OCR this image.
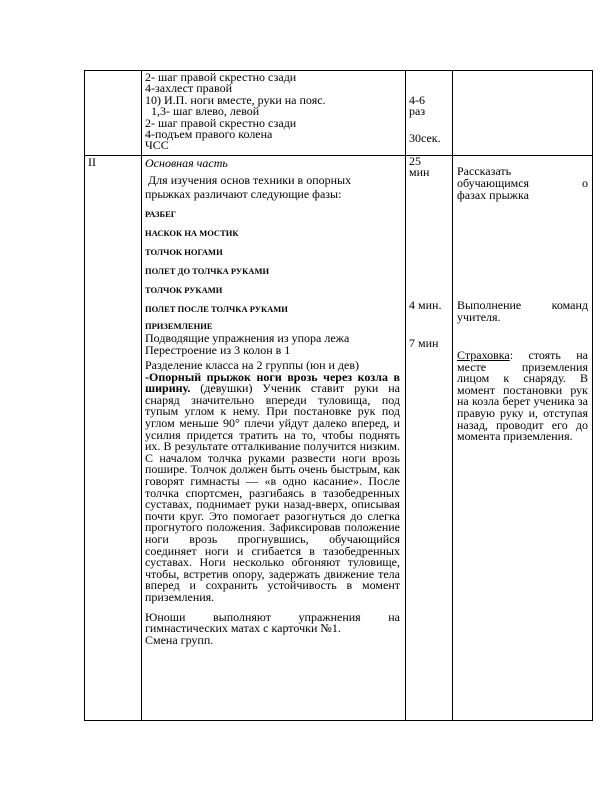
2- шаг правой скрестно сзади

4-захлест правой

10) И.П. ноги вместе, руки на пояс.

1,3- шаг влево, левой

2- шаг правой скрестно сзади

4-подъем правого колена

ЧСС

4-6

раз

30сек.

II	Основная часть

Для изучения основ техники в опорных

прыжках различают следующие фазы:

РАЗБЕГ

НАСКОК НА МОСТИК

ТОЛЧОК НОГАМИ

ПОЛЕТ ДО ТОЛЧКА РУКАМИ

ТОЛЧОК РУКАМИ

ПОЛЕТ ПОСЛЕ ТОЛЧКА РУКАМИ

ПРИЗЕМЛЕНИЕ

Подводящие упражнения из упора лежа

Перестроение из 3 колон в 1

Разделение класса на 2 группы (юн и дев)

-Опорный прыжок ноги врозь через козла в ширину. (девушки) Ученик ставит руки на снаряд значительно впереди туловища, под тупым углом к нему. При постановке рук под углом меньше 90° плечи уйдут далеко вперед, и усилия придется тратить на то, чтобы поднять их. В результате отталкивание получится низким. С началом толчка руками развести ноги врозь пошире. Толчок должен быть очень быстрым, как говорят гимнасты — «в одно касание». После толчка спортсмен, разгибаясь в тазобедренных суставах, поднимает руки назад-вверх, описывая почти круг. Это помогает разогнуться до слегка прогнутого положения. Зафиксировав положение ноги врозь прогнувшись, обучающийся соединяет ноги и сгибается в тазобедренных суставах. Ноги несколько обгоняют туловище, чтобы, встретив опору, задержать движение тела вперед и сохранить устойчивость в момент приземления.

Юноши выполняют упражнения на гимнастических матах с карточки №1.

Смена групп.

25

мин

4 мин.

7 мин

Рассказать

обучающимся	о

фазах прыжка

Выполнение команд учителя.

Страховка: стоять на месте приземления лицом к снаряду. В момент постановки рук на козла берет ученика за правую руку и, отступая назад, проводит его до момента приземления.
